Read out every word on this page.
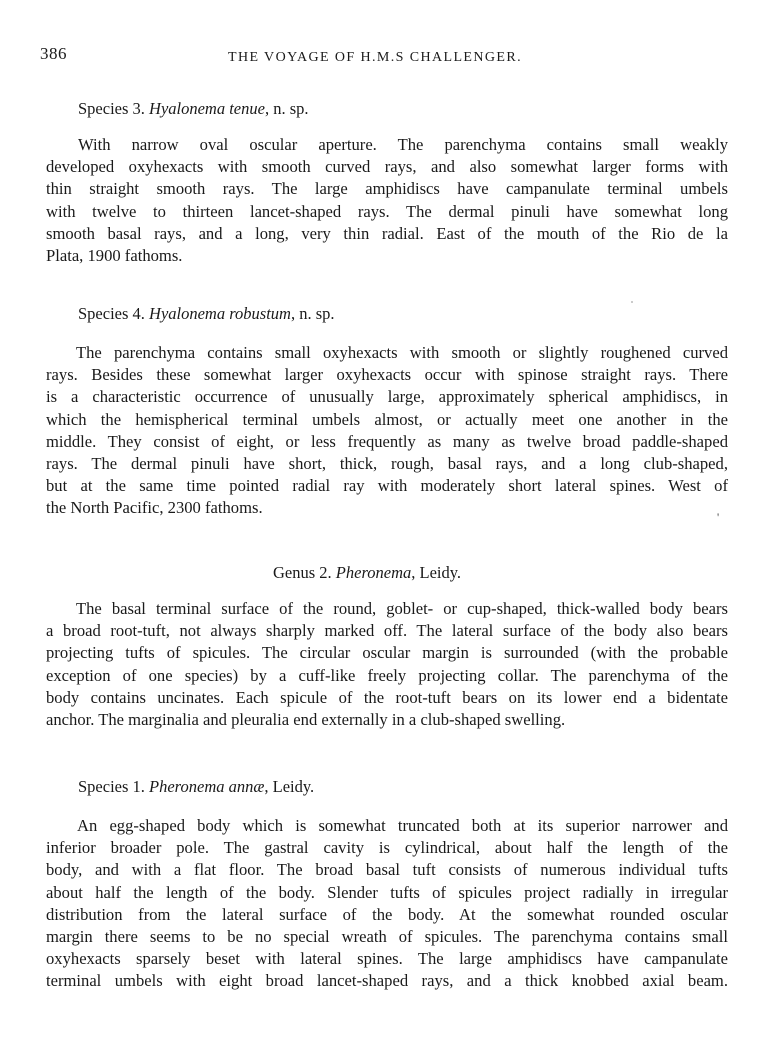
386	THE VOYAGE OF H.M.S CHALLENGER.
Species 3. Hyalonema tenue, n. sp.
With narrow oval oscular aperture. The parenchyma contains small weakly
developed oxyhexacts with smooth curved rays, and also somewhat larger forms with
thin straight smooth rays. The large amphidiscs have campanulate terminal umbels
with twelve to thirteen lancet-shaped rays. The dermal pinuli have somewhat long
smooth basal rays, and a long, very thin radial. East of the mouth of the Rio de la
Plata, 1900 fathoms.
Species 4. Hyalonema robustum, n. sp.
The parenchyma contains small oxyhexacts with smooth or slightly roughened curved
rays. Besides these somewhat larger oxyhexacts occur with spinose straight rays. There
is a characteristic occurrence of unusually large, approximately spherical amphidiscs, in
which the hemispherical terminal umbels almost, or actually meet one another in the
middle. They consist of eight, or less frequently as many as twelve broad paddle-shaped
rays. The dermal pinuli have short, thick, rough, basal rays, and a long club-shaped,
but at the same time pointed radial ray with moderately short lateral spines. West of
the North Pacific, 2300 fathoms.	'
Genus 2. Pheronema, Leidy.
The basal terminal surface of the round, goblet- or cup-shaped, thick-walled body bears
a broad root-tuft, not always sharply marked off. The lateral surface of the body also bears
projecting tufts of spicules. The circular oscular margin is surrounded (with the probable
exception of one species) by a cuff-like freely projecting collar. The parenchyma of the
body contains uncinates. Each spicule of the root-tuft bears on its lower end a bidentate
anchor. The marginalia and pleuralia end externally in a club-shaped swelling.
Species 1. Pheronema annæ, Leidy.
An egg-shaped body which is somewhat truncated both at its superior narrower and
inferior broader pole. The gastral cavity is cylindrical, about half the length of the
body, and with a flat floor. The broad basal tuft consists of numerous individual tufts
about half the length of the body. Slender tufts of spicules project radially in irregular
distribution from the lateral surface of the body. At the somewhat rounded oscular
margin there seems to be no special wreath of spicules. The parenchyma contains small
oxyhexacts sparsely beset with lateral spines. The large amphidiscs have campanulate
terminal umbels with eight broad lancet-shaped rays, and a thick knobbed axial beam.
